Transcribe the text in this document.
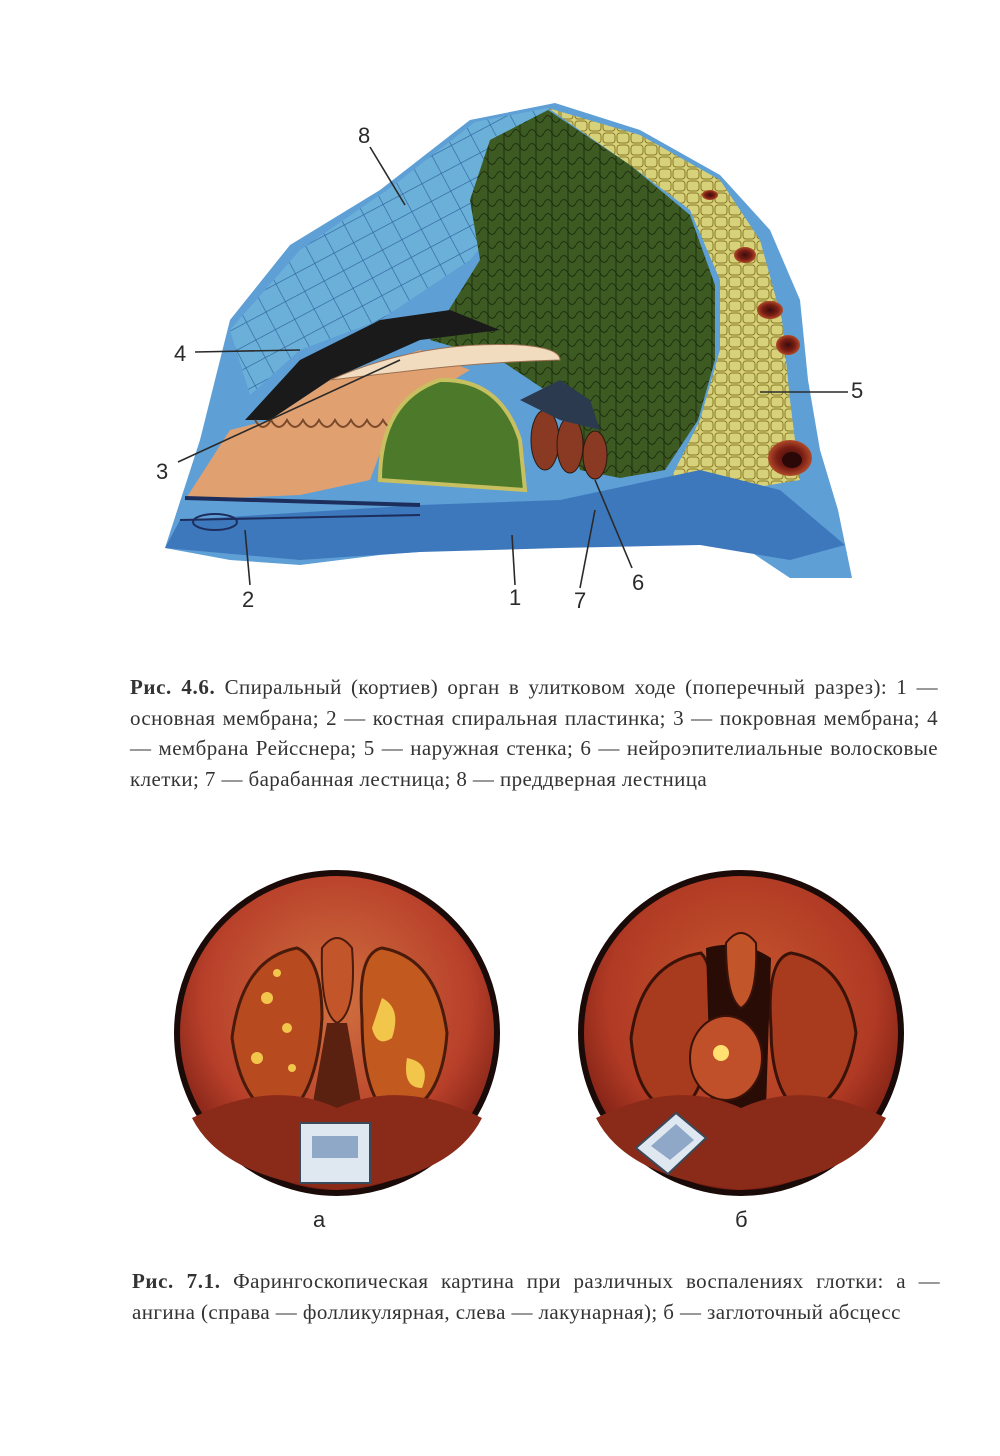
8
4
3
5
2	1 7
6

Рис. 4.6. Спиральный (кортиев) орган в улитковом ходе (поперечный разрез): 1 — основная мембрана; 2 — костная спиральная пластинка; 3 — покровная мембрана; 4 — мембрана Рейсснера; 5 — наружная стенка; 6 — нейроэпителиальные волосковые клетки; 7 — барабанная лестница; 8 — преддверная лестница

а	б

Рис. 7.1. Фарингоскопическая картина при различных воспалениях глотки: а — ангина (справа — фолликулярная, слева — лакунарная); б — заглоточный абсцесс
